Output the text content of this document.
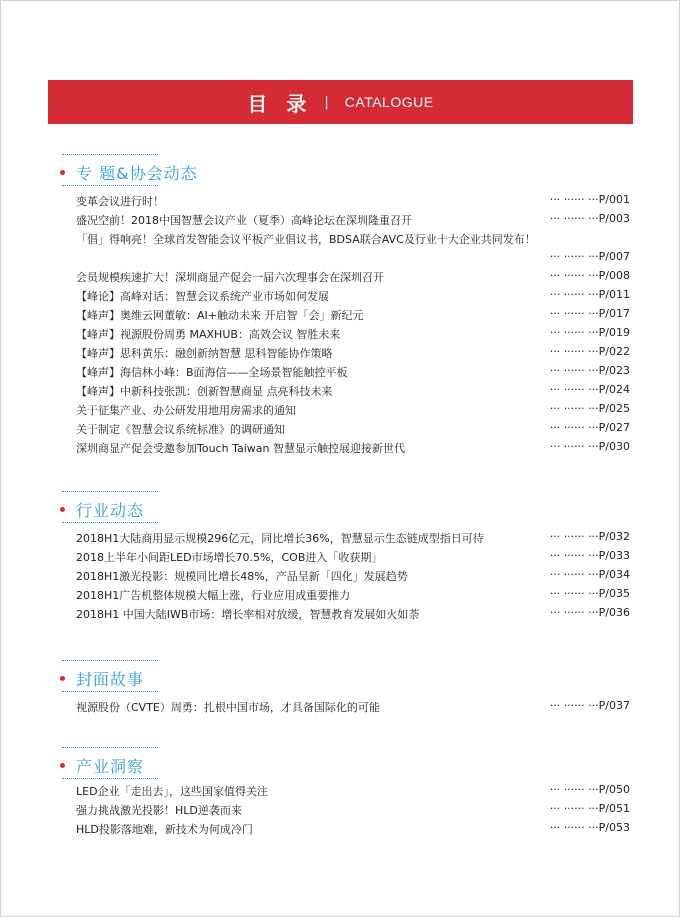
目 录 | CATALOGUE
专 题&协会动态
变革会议进行时！	··· ······ ···P/001
盛况空前！2018中国智慧会议产业（夏季）高峰论坛在深圳隆重召开	··· ······ ···P/003
「倡」得响亮！全球首发智能会议平板产业倡议书，BDSA联合AVC及行业十大企业共同发布！
··· ······ ···P/007
会员规模疾速扩大！深圳商显产促会一届六次理事会在深圳召开	··· ······ ···P/008
【峰论】高峰对话：智慧会议系统产业市场如何发展	··· ······ ···P/011
【峰声】奥维云网董敏：AI+触动未来 开启智「会」新纪元	··· ······ ···P/017
【峰声】视源股份周勇 MAXHUB：高效会议 智胜未来	··· ······ ···P/019
【峰声】思科黄乐：融创新纳智慧 思科智能协作策略	··· ······ ···P/022
【峰声】海信林小峰：B面海信——全场景智能触控平板	··· ······ ···P/023
【峰声】中新科技张凯：创新智慧商显 点亮科技未来	··· ······ ···P/024
关于征集产业、办公研发用地用房需求的通知	··· ······ ···P/025
关于制定《智慧会议系统标准》的调研通知	··· ······ ···P/027
深圳商显产促会受邀参加Touch Taiwan 智慧显示触控展迎接新世代	··· ······ ···P/030
行业动态
2018H1大陆商用显示规模296亿元，同比增长36%，智慧显示生态链成型指日可待	··· ······ ···P/032
2018上半年小间距LED市场增长70.5%，COB进入「收获期」	··· ······ ···P/033
2018H1激光投影：规模同比增长48%，产品呈新「四化」发展趋势	··· ······ ···P/034
2018H1广告机整体规模大幅上涨，行业应用成重要推力	··· ······ ···P/035
2018H1 中国大陆IWB市场：增长率相对放缓，智慧教育发展如火如荼	··· ······ ···P/036
封面故事
视源股份（CVTE）周勇：扎根中国市场，才具备国际化的可能	··· ······ ···P/037
产业洞察
LED企业「走出去」，这些国家值得关注	··· ······ ···P/050
强力挑战激光投影！HLD逆袭而来	··· ······ ···P/051
HLD投影落地难，新技术为何成冷门	··· ······ ···P/053
